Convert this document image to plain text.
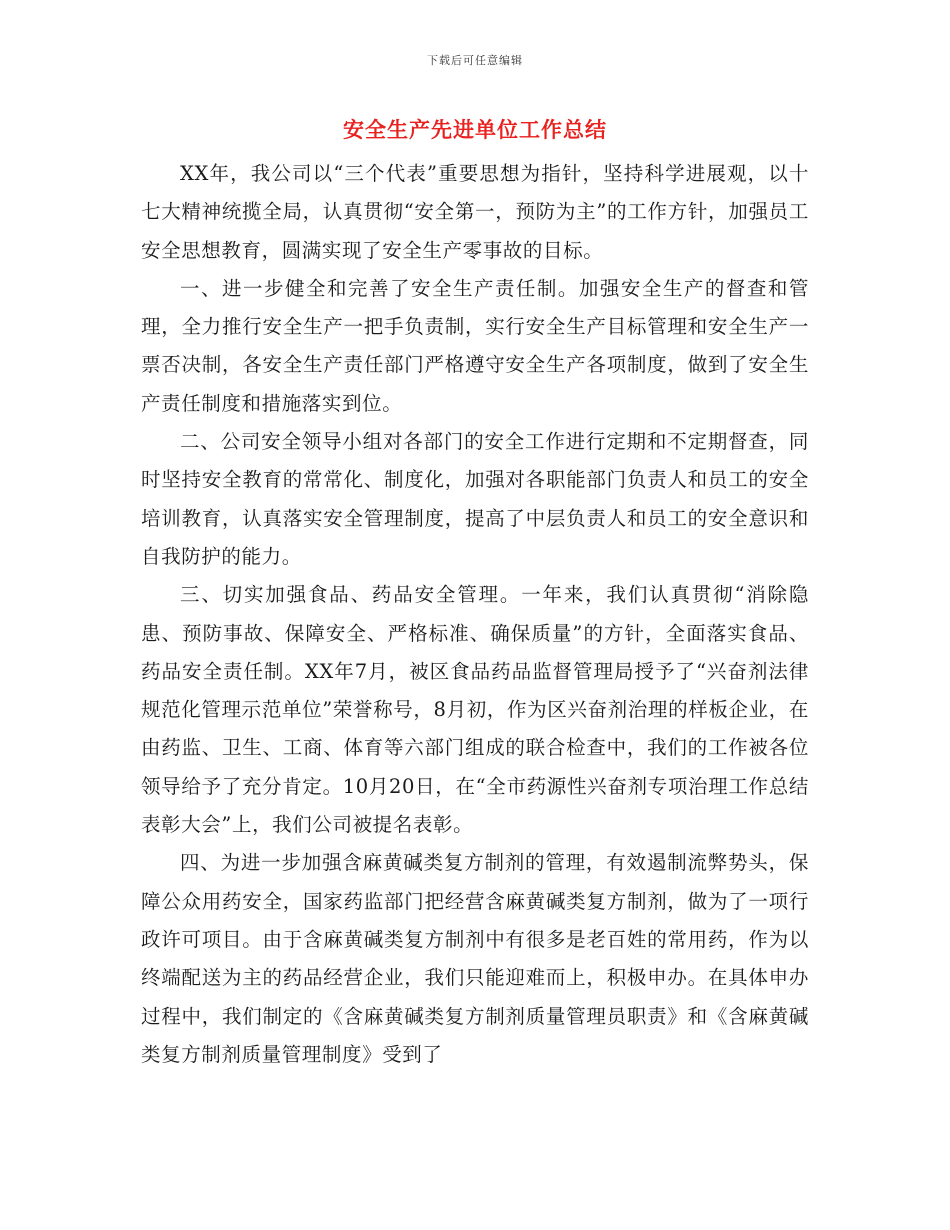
下载后可任意编辑
安全生产先进单位工作总结

XX年，我公司以“三个代表”重要思想为指针，坚持科学进展观，以十七大精神统揽全局，认真贯彻“安全第一，预防为主”的工作方针，加强员工安全思想教育，圆满实现了安全生产零事故的目标。

一、进一步健全和完善了安全生产责任制。加强安全生产的督查和管理，全力推行安全生产一把手负责制，实行安全生产目标管理和安全生产一票否决制，各安全生产责任部门严格遵守安全生产各项制度，做到了安全生产责任制度和措施落实到位。

二、公司安全领导小组对各部门的安全工作进行定期和不定期督查，同时坚持安全教育的常常化、制度化，加强对各职能部门负责人和员工的安全培训教育，认真落实安全管理制度，提高了中层负责人和员工的安全意识和自我防护的能力。

三、切实加强食品、药品安全管理。一年来，我们认真贯彻“消除隐患、预防事故、保障安全、严格标准、确保质量”的方针，全面落实食品、药品安全责任制。XX年7月，被区食品药品监督管理局授予了“兴奋剂法律规范化管理示范单位”荣誉称号，8月初，作为区兴奋剂治理的样板企业，在由药监、卫生、工商、体育等六部门组成的联合检查中，我们的工作被各位领导给予了充分肯定。10月20日，在“全市药源性兴奋剂专项治理工作总结表彰大会”上，我们公司被提名表彰。

四、为进一步加强含麻黄碱类复方制剂的管理，有效遏制流弊势头，保障公众用药安全，国家药监部门把经营含麻黄碱类复方制剂，做为了一项行政许可项目。由于含麻黄碱类复方制剂中有很多是老百姓的常用药，作为以终端配送为主的药品经营企业，我们只能迎难而上，积极申办。在具体申办过程中，我们制定的《含麻黄碱类复方制剂质量管理员职责》和《含麻黄碱类复方制剂质量管理制度》受到了
